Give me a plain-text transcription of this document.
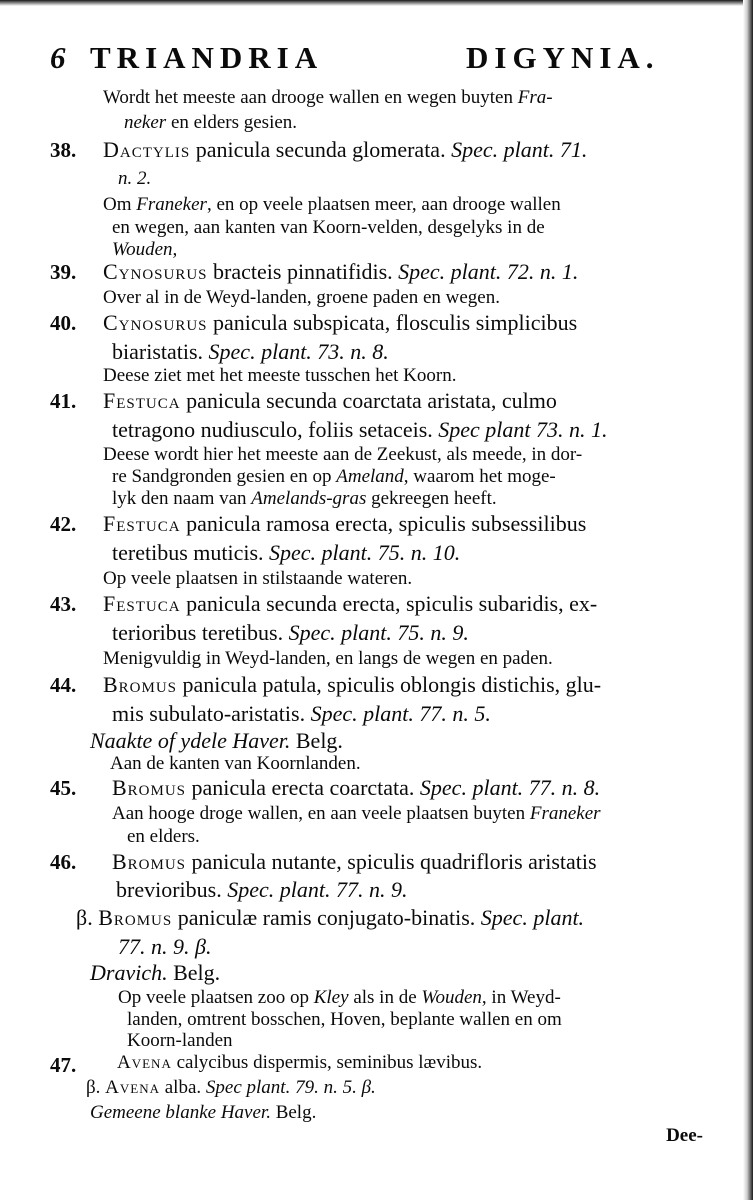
6 TRIANDRIA	DIGYNIA.
Wordt het meeste aan drooge wallen en wegen buyten Fra-
neker en elders gesien.
38. Dactylis panicula secunda glomerata. Spec. plant. 71.
n. 2.
Om Franeker, en op veele plaatsen meer, aan drooge wallen
en wegen, aan kanten van Koorn-velden, desgelyks in de
Wouden,
39. Cynosurus bracteis pinnatifidis. Spec. plant. 72. n. 1.
Over al in de Weyd-landen, groene paden en wegen.
40. Cynosurus panicula subspicata, flosculis simplicibus
biaristatis. Spec. plant. 73. n. 8.
Deese ziet met het meeste tusschen het Koorn.
41. Festuca panicula secunda coarctata aristata, culmo
tetragono nudiusculo, foliis setaceis. Spec plant 73. n. 1.
Deese wordt hier het meeste aan de Zeekust, als meede, in dor-
re Sandgronden gesien en op Ameland, waarom het moge-
lyk den naam van Amelands-gras gekreegen heeft.
42. Festuca panicula ramosa erecta, spiculis subsessilibus
teretibus muticis. Spec. plant. 75. n. 10.
Op veele plaatsen in stilstaande wateren.
43. Festuca panicula secunda erecta, spiculis subaridis, ex-
terioribus teretibus. Spec. plant. 75. n. 9.
Menigvuldig in Weyd-landen, en langs de wegen en paden.
44. Bromus panicula patula, spiculis oblongis distichis, glu-
mis subulato-aristatis. Spec. plant. 77. n. 5.
Naakte of ydele Haver. Belg.
Aan de kanten van Koornlanden.
45. Bromus panicula erecta coarctata. Spec. plant. 77. n. 8.
Aan hooge droge wallen, en aan veele plaatsen buyten Franeker
en elders.
46. Bromus panicula nutante, spiculis quadrifloris aristatis
brevioribus. Spec. plant. 77. n. 9.
β. Bromus paniculæ ramis conjugato-binatis. Spec. plant.
77. n. 9. β.
Dravich. Belg.
Op veele plaatsen zoo op Kley als in de Wouden, in Weyd-
landen, omtrent bosschen, Hoven, beplante wallen en om
Koorn-landen
47. Avena calycibus dispermis, seminibus lævibus.
β. Avena alba. Spec plant. 79. n. 5. β.
Gemeene blanke Haver. Belg.
Dee-
